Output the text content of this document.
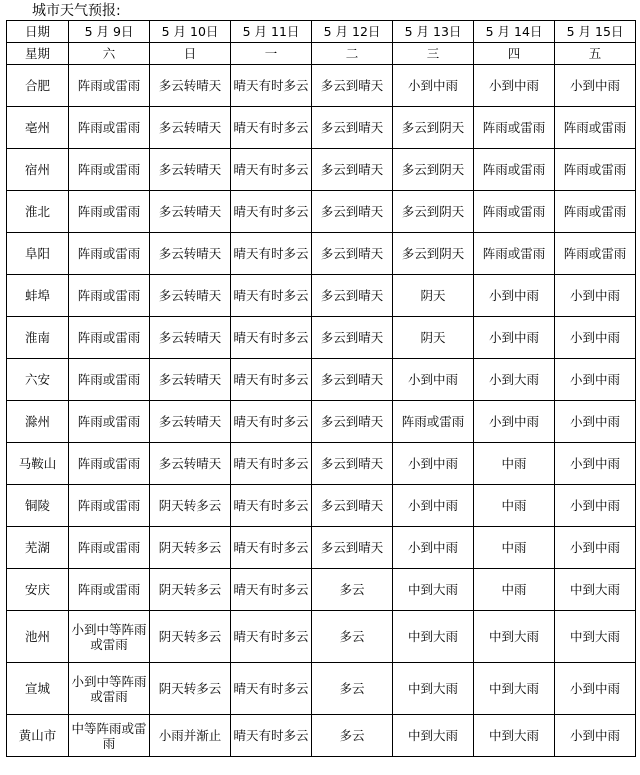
城市天气预报:
日期	5 月 9日	5 月 10日	5 月 11日	5 月 12日	5 月 13日	5 月 14日	5 月 15日
星期	六	日	一	二	三	四	五
合肥	阵雨或雷雨	多云转晴天	晴天有时多云	多云到晴天	小到中雨	小到中雨	小到中雨
亳州	阵雨或雷雨	多云转晴天	晴天有时多云	多云到晴天	多云到阴天	阵雨或雷雨	阵雨或雷雨
宿州	阵雨或雷雨	多云转晴天	晴天有时多云	多云到晴天	多云到阴天	阵雨或雷雨	阵雨或雷雨
淮北	阵雨或雷雨	多云转晴天	晴天有时多云	多云到晴天	多云到阴天	阵雨或雷雨	阵雨或雷雨
阜阳	阵雨或雷雨	多云转晴天	晴天有时多云	多云到晴天	多云到阴天	阵雨或雷雨	阵雨或雷雨
蚌埠	阵雨或雷雨	多云转晴天	晴天有时多云	多云到晴天	阴天	小到中雨	小到中雨
淮南	阵雨或雷雨	多云转晴天	晴天有时多云	多云到晴天	阴天	小到中雨	小到中雨
六安	阵雨或雷雨	多云转晴天	晴天有时多云	多云到晴天	小到中雨	小到大雨	小到中雨
滁州	阵雨或雷雨	多云转晴天	晴天有时多云	多云到晴天	阵雨或雷雨	小到中雨	小到中雨
马鞍山	阵雨或雷雨	多云转晴天	晴天有时多云	多云到晴天	小到中雨	中雨	小到中雨
铜陵	阵雨或雷雨	阴天转多云	晴天有时多云	多云到晴天	小到中雨	中雨	小到中雨
芜湖	阵雨或雷雨	阴天转多云	晴天有时多云	多云到晴天	小到中雨	中雨	小到中雨
安庆	阵雨或雷雨	阴天转多云	晴天有时多云	多云	中到大雨	中雨	中到大雨
池州	小到中等阵雨或雷雨	阴天转多云	晴天有时多云	多云	中到大雨	中到大雨	中到大雨
宣城	小到中等阵雨或雷雨	阴天转多云	晴天有时多云	多云	中到大雨	中到大雨	小到中雨
黄山市	中等阵雨或雷雨	小雨并渐止	晴天有时多云	多云	中到大雨	中到大雨	小到中雨
